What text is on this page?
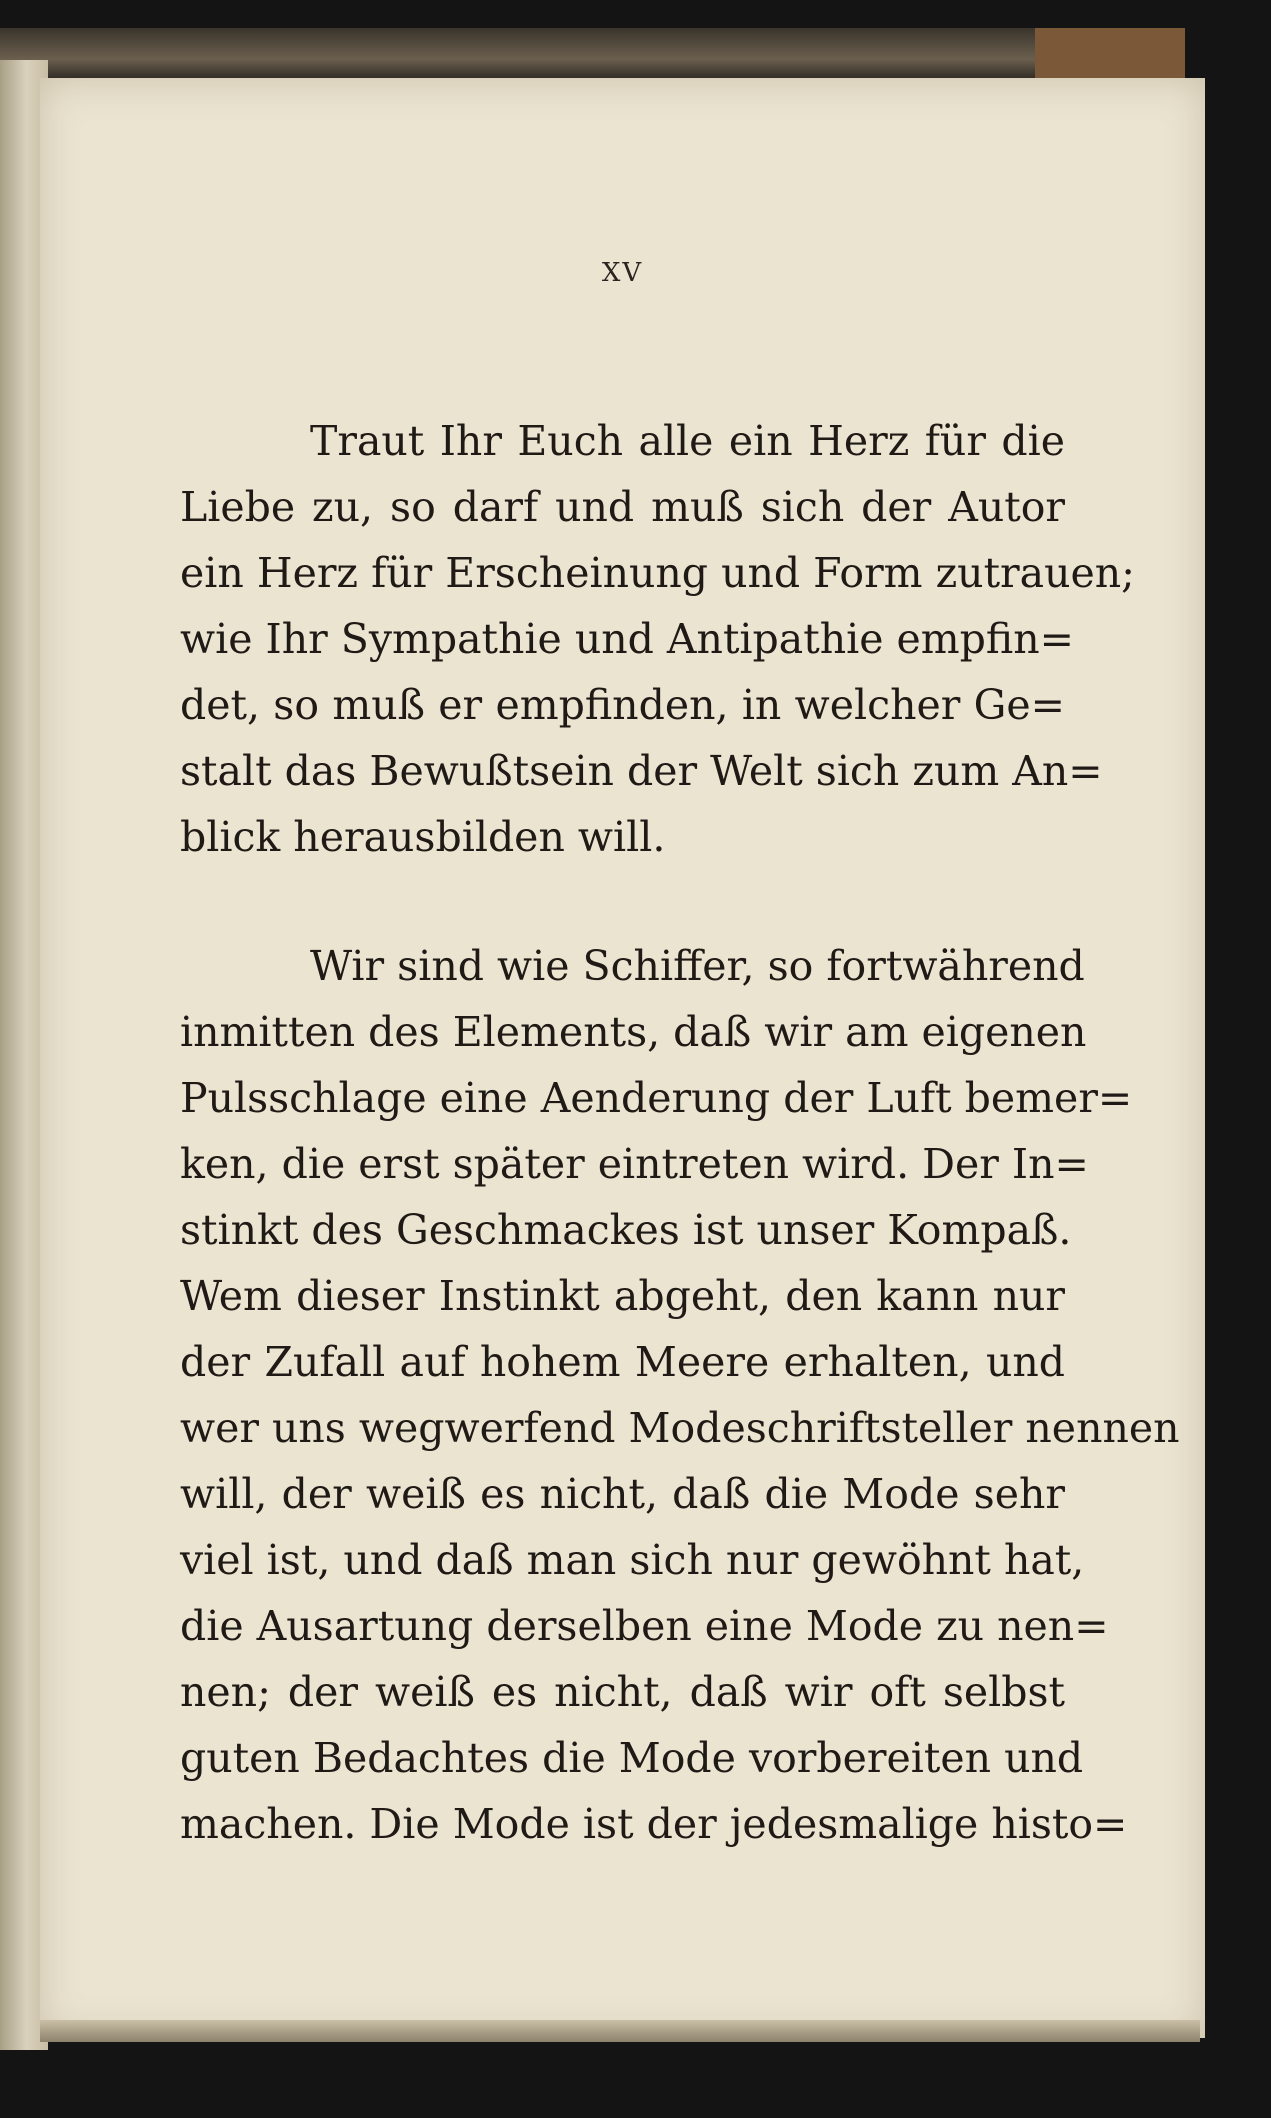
XV
Traut Ihr Euch alle ein Herz für die
Liebe zu, so darf und muß sich der Autor
ein Herz für Erscheinung und Form zutrauen;
wie Ihr Sympathie und Antipathie empfin=
det, so muß er empfinden, in welcher Ge=
stalt das Bewußtsein der Welt sich zum An=
blick herausbilden will.
Wir sind wie Schiffer, so fortwährend
inmitten des Elements, daß wir am eigenen
Pulsschlage eine Aenderung der Luft bemer=
ken, die erst später eintreten wird. Der In=
stinkt des Geschmackes ist unser Kompaß.
Wem dieser Instinkt abgeht, den kann nur
der Zufall auf hohem Meere erhalten, und
wer uns wegwerfend Modeschriftsteller nennen
will, der weiß es nicht, daß die Mode sehr
viel ist, und daß man sich nur gewöhnt hat,
die Ausartung derselben eine Mode zu nen=
nen; der weiß es nicht, daß wir oft selbst
guten Bedachtes die Mode vorbereiten und
machen. Die Mode ist der jedesmalige histo=
